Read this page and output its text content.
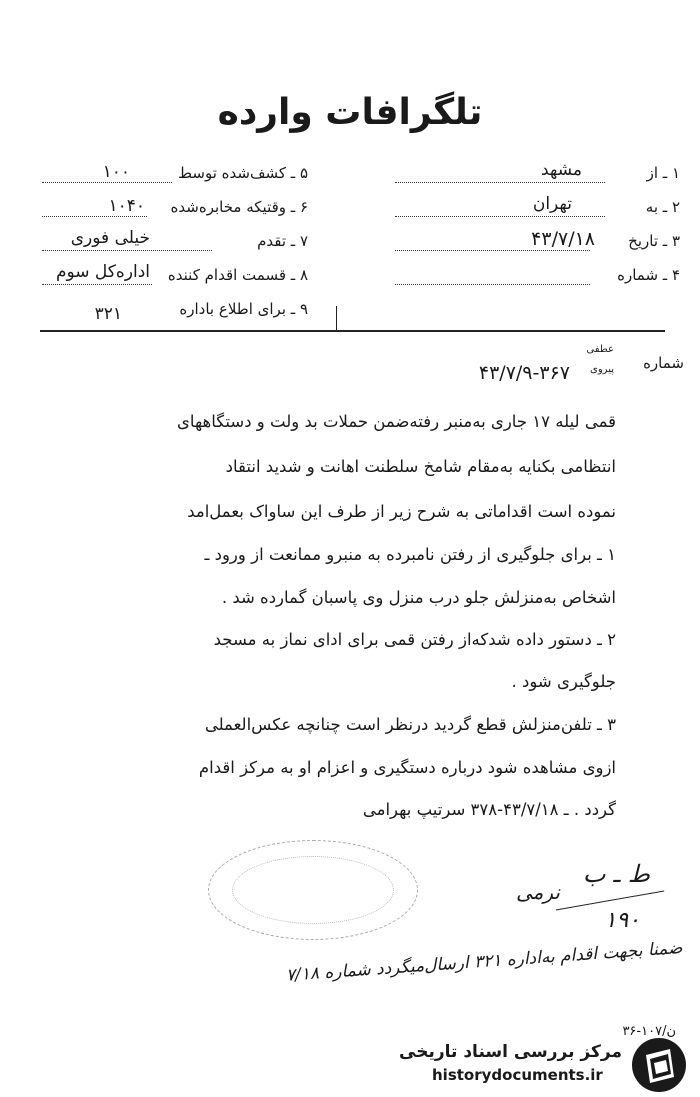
تلگرافات وارده
۱ ـ از
مشهد
۲ ـ به
تهران
۳ ـ تاریخ
۴۳/۷/۱۸
۴ ـ شماره
۵ ـ کشف‌شده توسط
۱۰۰
۶ ـ وقتیکه مخابره‌شده
۱۰۴۰
۷ ـ تقدم
خیلی فوری
۸ ـ قسمت اقدام کننده
اداره‌کل سوم
۹ ـ برای اطلاع باداره
۳۲۱
شماره
عطفی
پیروی
۴۳/۷/۹-۳۶۷
قمی لیله ۱۷ جاری به‌منبر رفته‌ضمن حملات بد ولت و دستگاههای
انتظامی بکنایه به‌مقام شامخ سلطنت اهانت و شدید انتقاد
نموده است اقداماتی به شرح زیر از طرف این ساواک بعمل‌امد
۱ ـ برای جلوگیری از رفتن نامبرده به منبرو ممانعت از ورود ـ
اشخاص به‌منزلش جلو درب منزل وی پاسبان گمارده شد .
۲ ـ دستور داده شدکه‌از رفتن قمی برای ادای نماز به مسجد
جلوگیری شود .
۳ ـ تلفن‌منزلش قطع گردید درنظر است چنانچه عکس‌العملی
ازوی مشاهده شود درباره دستگیری و اعزام او به مرکز اقدام
گردد . ـ ۴۳/۷/۱۸-۳۷۸ سرتیپ بهرامی
ط ـ ب
نرمی
۱۹۰
ضمنا بجهت اقدام به‌اداره ۳۲۱ ارسال‌میگردد شماره ۷/۱۸
ن/۱۰۷-۳۶
مرکز بررسی اسناد تاریخی
historydocuments.ir
